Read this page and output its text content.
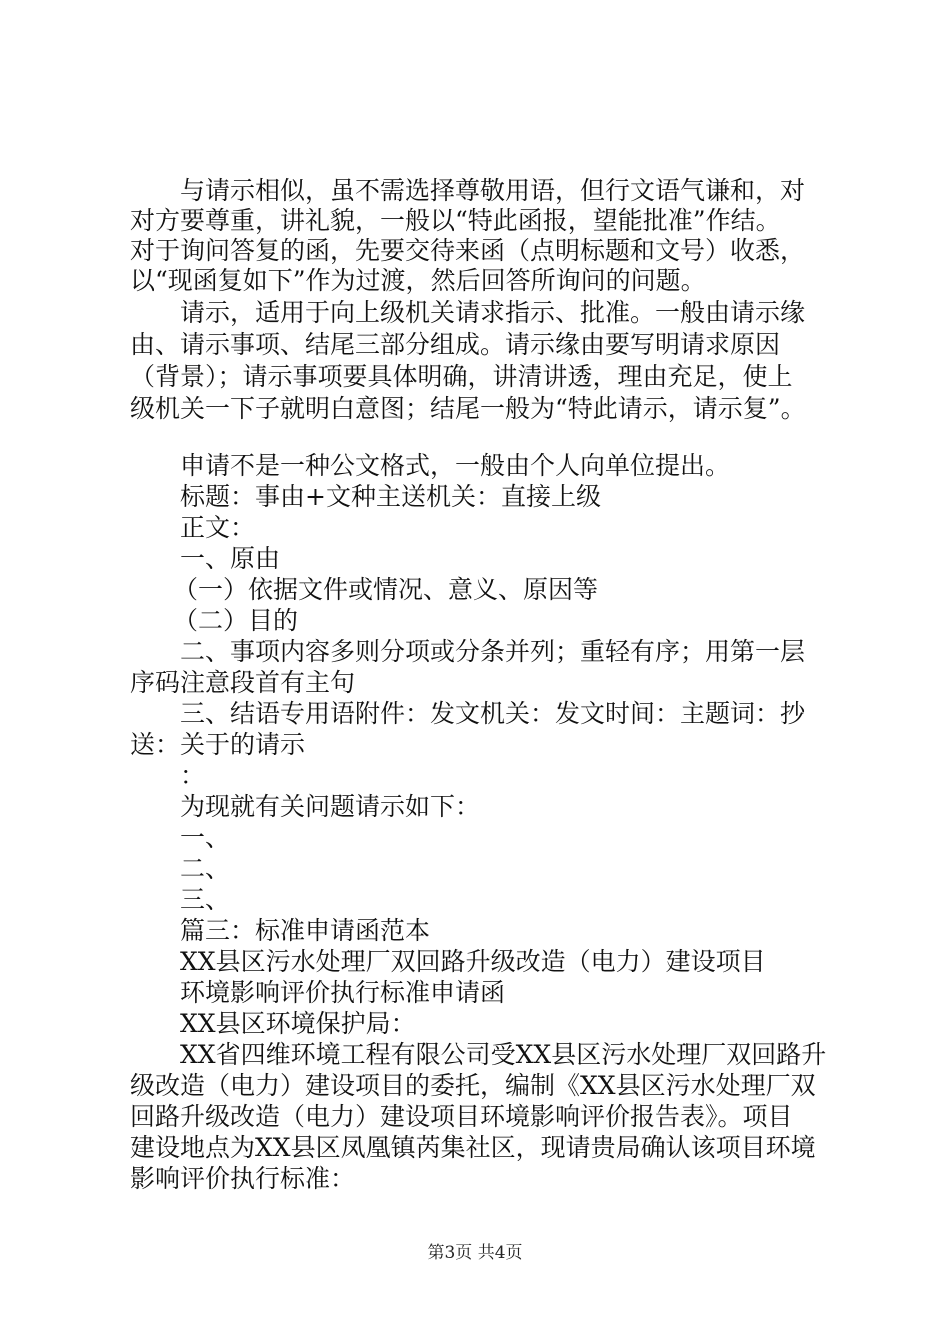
与请示相似，虽不需选择尊敬用语，但行文语气谦和，对
对方要尊重，讲礼貌，一般以“特此函报，望能批准”作结。
对于询问答复的函，先要交待来函（点明标题和文号）收悉，
以“现函复如下”作为过渡，然后回答所询问的问题。
请示，适用于向上级机关请求指示、批准。一般由请示缘
由、请示事项、结尾三部分组成。请示缘由要写明请求原因
（背景）；请示事项要具体明确，讲清讲透，理由充足，使上
级机关一下子就明白意图；结尾一般为“特此请示，请示复”。
申请不是一种公文格式，一般由个人向单位提出。
标题：事由+文种主送机关：直接上级
正文：
一、原由
（一）依据文件或情况、意义、原因等
（二）目的
二、事项内容多则分项或分条并列；重轻有序；用第一层
序码注意段首有主句
三、结语专用语附件：发文机关：发文时间：主题词：抄
送：关于的请示
：
为现就有关问题请示如下：
一、
二、
三、
篇三：标准申请函范本
XX县区污水处理厂双回路升级改造（电力）建设项目
环境影响评价执行标准申请函
XX县区环境保护局：
XX省四维环境工程有限公司受XX县区污水处理厂双回路升
级改造（电力）建设项目的委托，编制《XX县区污水处理厂双
回路升级改造（电力）建设项目环境影响评价报告表》。项目
建设地点为XX县区凤凰镇芮集社区，现请贵局确认该项目环境
影响评价执行标准：
第3页 共4页
